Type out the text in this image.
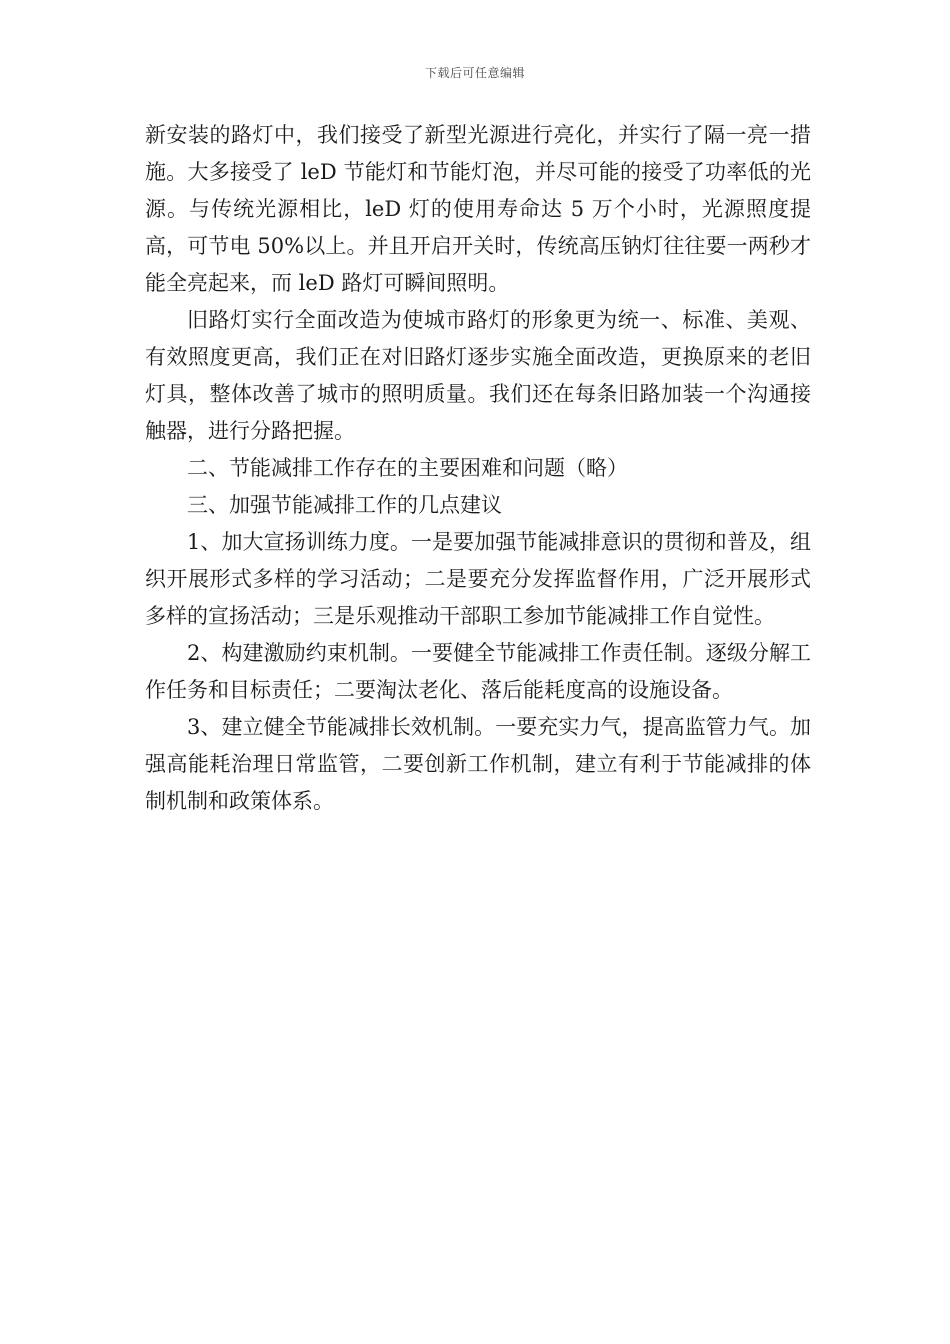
下载后可任意编辑

新安装的路灯中，我们接受了新型光源进行亮化，并实行了隔一亮一措施。大多接受了 leD 节能灯和节能灯泡，并尽可能的接受了功率低的光源。与传统光源相比，leD 灯的使用寿命达 5 万个小时，光源照度提高，可节电 50%以上。并且开启开关时，传统高压钠灯往往要一两秒才能全亮起来，而 leD 路灯可瞬间照明。

旧路灯实行全面改造为使城市路灯的形象更为统一、标准、美观、有效照度更高，我们正在对旧路灯逐步实施全面改造，更换原来的老旧灯具，整体改善了城市的照明质量。我们还在每条旧路加装一个沟通接触器，进行分路把握。

二、节能减排工作存在的主要困难和问题（略）

三、加强节能减排工作的几点建议

1、加大宣扬训练力度。一是要加强节能减排意识的贯彻和普及，组织开展形式多样的学习活动；二是要充分发挥监督作用，广泛开展形式多样的宣扬活动；三是乐观推动干部职工参加节能减排工作自觉性。

2、构建激励约束机制。一要健全节能减排工作责任制。逐级分解工作任务和目标责任；二要淘汰老化、落后能耗度高的设施设备。

3、建立健全节能减排长效机制。一要充实力气，提高监管力气。加强高能耗治理日常监管，二要创新工作机制，建立有利于节能减排的体制机制和政策体系。
